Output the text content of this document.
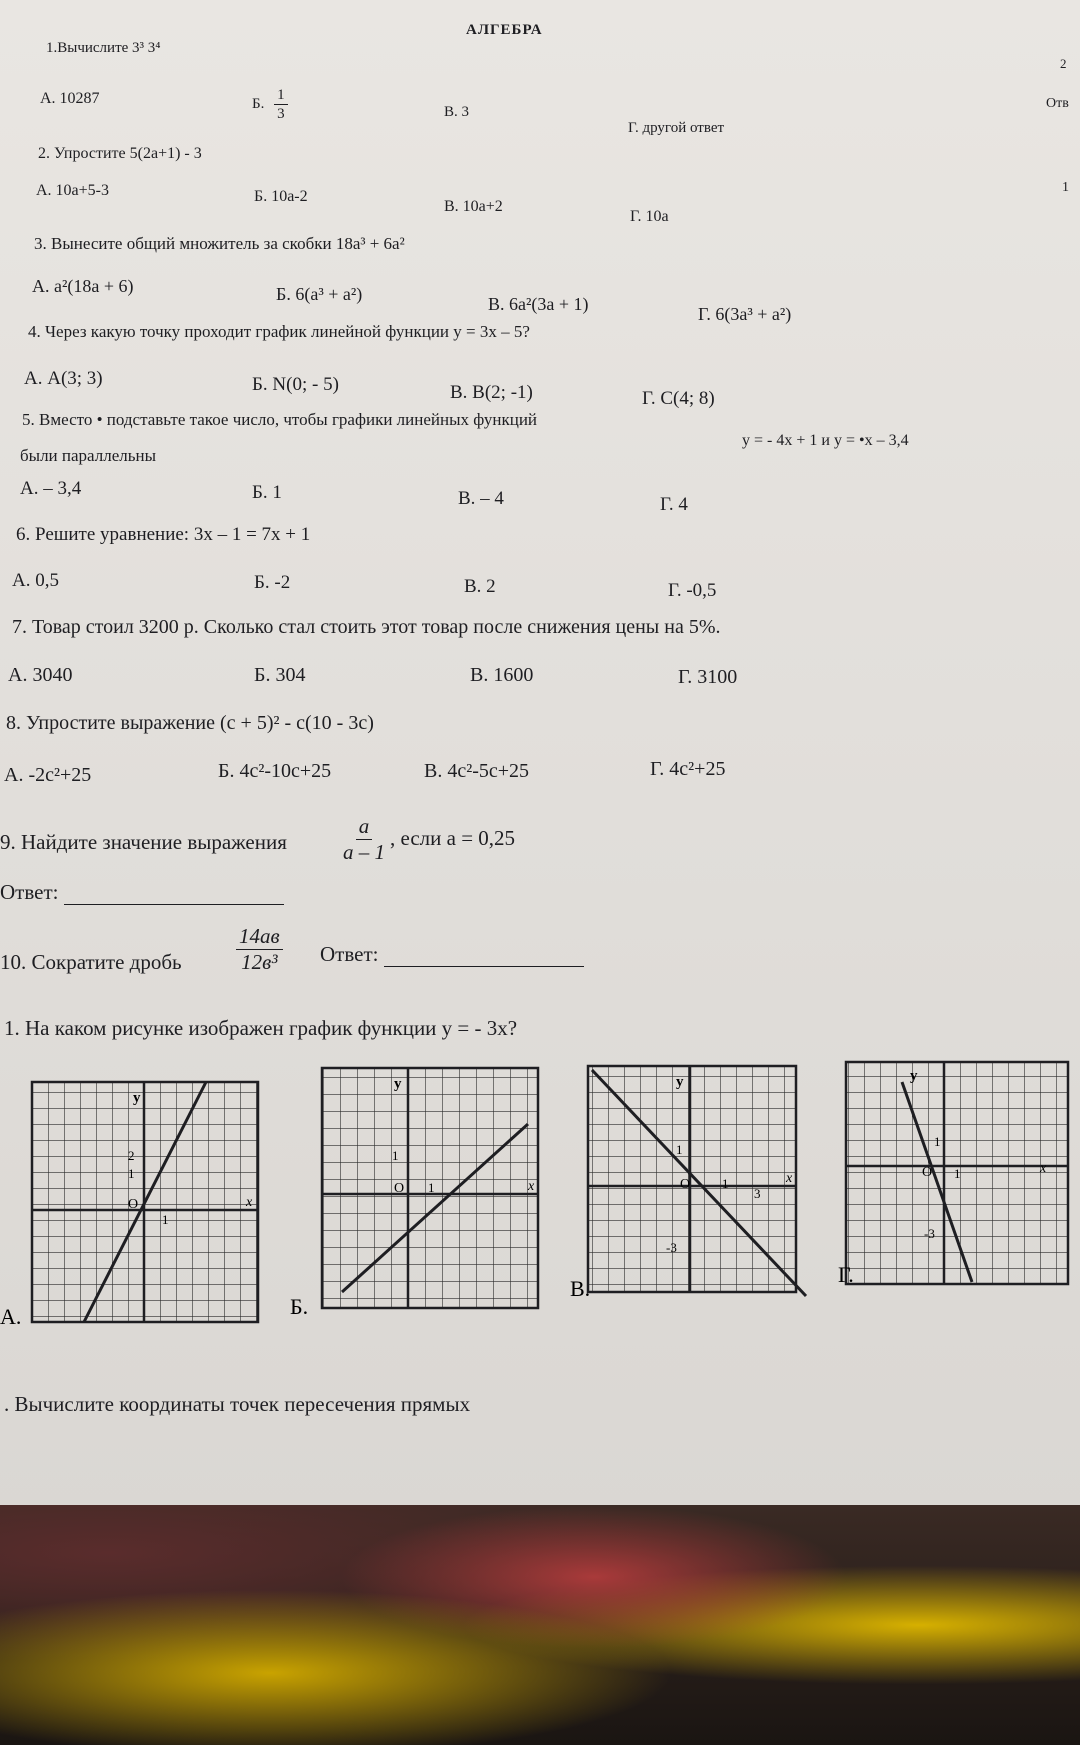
АЛГЕБРА
2
Отв
1
1.Вычислите 3³ 3⁴
А. 10287	Б. $\frac{1}{3}$	В. 3
Г. другой ответ
2. Упростите 5(2а+1) - 3
А. 10а+5-3	Б. 10а-2
В. 10а+2
Г. 10а
3. Вынесите общий множитель за скобки 18a³ + 6a²
А. a²(18a + 6)	Б. 6(a³ + a²)	В. 6a²(3a + 1)	Г. 6(3a³ + a²)
4. Через какую точку проходит график линейной функции y = 3x – 5?
А. A(3; 3)	Б. N(0; - 5)	В. B(2; -1)	Г. C(4; 8)
5. Вместо • подставьте такое число, чтобы графики линейных функций
y = - 4x + 1 и y = •x – 3,4
были параллельны
А. – 3,4	Б. 1	В. – 4	Г. 4
6. Решите уравнение: 3x – 1 = 7x + 1
А. 0,5	Б. -2	В. 2	Г. -0,5
7. Товар стоил 3200 р. Сколько стал стоить этот товар после снижения цены на 5%.
А. 3040	Б. 304	В. 1600	Г. 3100
8. Упростите выражение (c + 5)² - c(10 - 3c)
А. -2c²+25	Б. 4c²-10c+25	В. 4c²-5c+25	Г. 4c²+25
9. Найдите значение выражения	$\frac{a}{a - 1}$ , если a = 0,25
Ответ:
10. Сократите дробь	$\frac{14ав}{\text{12в³}}$ Ответ:
1. На каком рисунке изображен график функции y = - 3x?
y
x
O
2
1
1
А.
y
x
O
1
1
Б.
y
x
O
1
1
3
-3
В.
y
x
O
1
1
-3
Г.
. Вычислите координаты точек пересечения прямых
